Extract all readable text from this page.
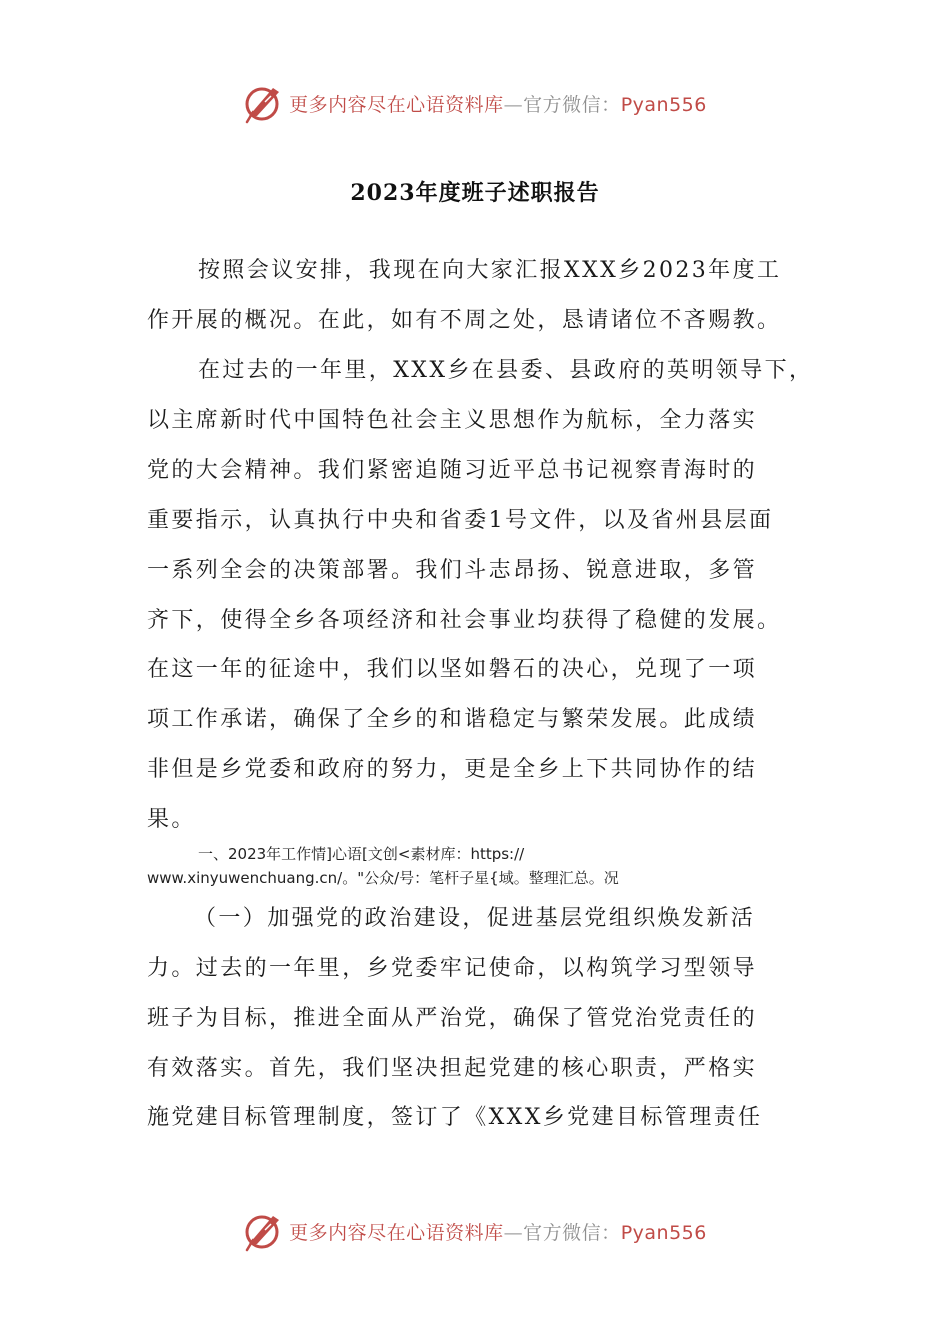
更多内容尽在心语资料库—官方微信：Pyan556
2023年度班子述职报告
按照会议安排，我现在向大家汇报XXX乡2023年度工
作开展的概况。在此，如有不周之处，恳请诸位不吝赐教。
在过去的一年里，XXX乡在县委、县政府的英明领导下，
以主席新时代中国特色社会主义思想作为航标，全力落实
党的大会精神。我们紧密追随习近平总书记视察青海时的
重要指示，认真执行中央和省委1号文件，以及省州县层面
一系列全会的决策部署。我们斗志昂扬、锐意进取，多管
齐下，使得全乡各项经济和社会事业均获得了稳健的发展。
在这一年的征途中，我们以坚如磐石的决心，兑现了一项
项工作承诺，确保了全乡的和谐稳定与繁荣发展。此成绩
非但是乡党委和政府的努力，更是全乡上下共同协作的结
果。
一、2023年工作情]心语[文创<素材库：https://
www.xinyuwenchuang.cn/。"公众/号：笔杆子星{域。整理汇总。况
（一）加强党的政治建设，促进基层党组织焕发新活
力。过去的一年里，乡党委牢记使命，以构筑学习型领导
班子为目标，推进全面从严治党，确保了管党治党责任的
有效落实。首先，我们坚决担起党建的核心职责，严格实
施党建目标管理制度，签订了《XXX乡党建目标管理责任
更多内容尽在心语资料库—官方微信：Pyan556
